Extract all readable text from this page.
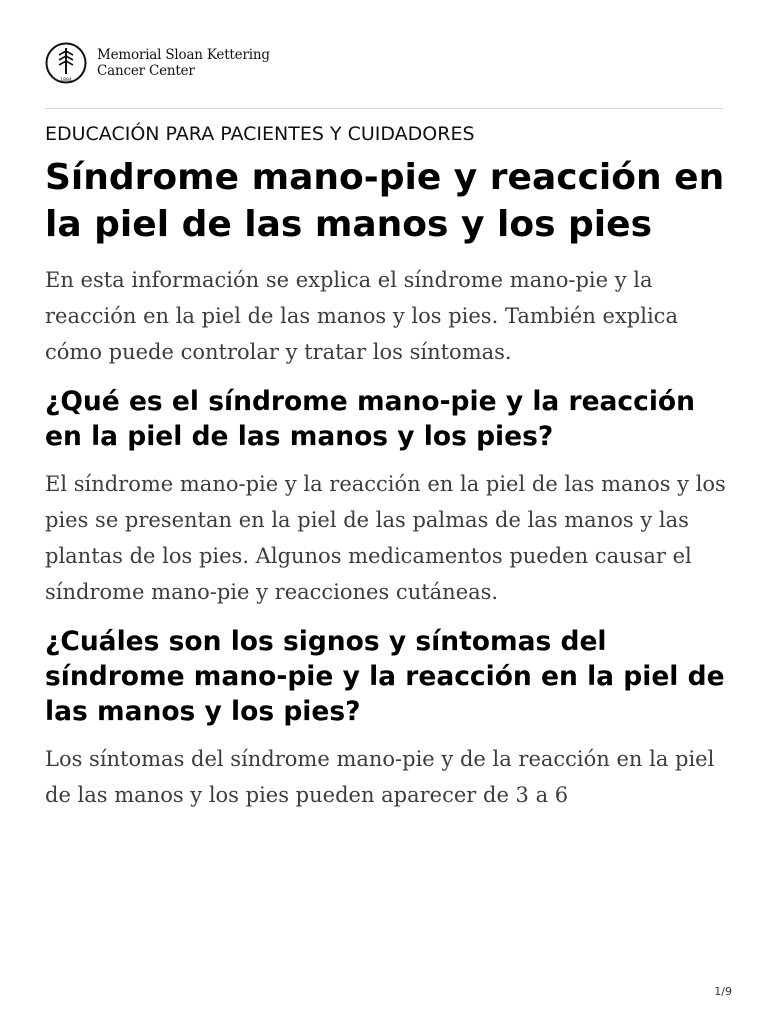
1884
Memorial Sloan Kettering
Cancer Center
EDUCACIÓN PARA PACIENTES Y CUIDADORES
Síndrome mano-pie y reacción en la piel de las manos y los pies

En esta información se explica el síndrome mano-pie y la reacción en la piel de las manos y los pies. También explica cómo puede controlar y tratar los síntomas.

¿Qué es el síndrome mano-pie y la reacción en la piel de las manos y los pies?

El síndrome mano-pie y la reacción en la piel de las manos y los pies se presentan en la piel de las palmas de las manos y las plantas de los pies. Algunos medicamentos pueden causar el síndrome mano-pie y reacciones cutáneas.

¿Cuáles son los signos y síntomas del síndrome mano-pie y la reacción en la piel de las manos y los pies?

Los síntomas del síndrome mano-pie y de la reacción en la piel de las manos y los pies pueden aparecer de 3 a 6

1/9
